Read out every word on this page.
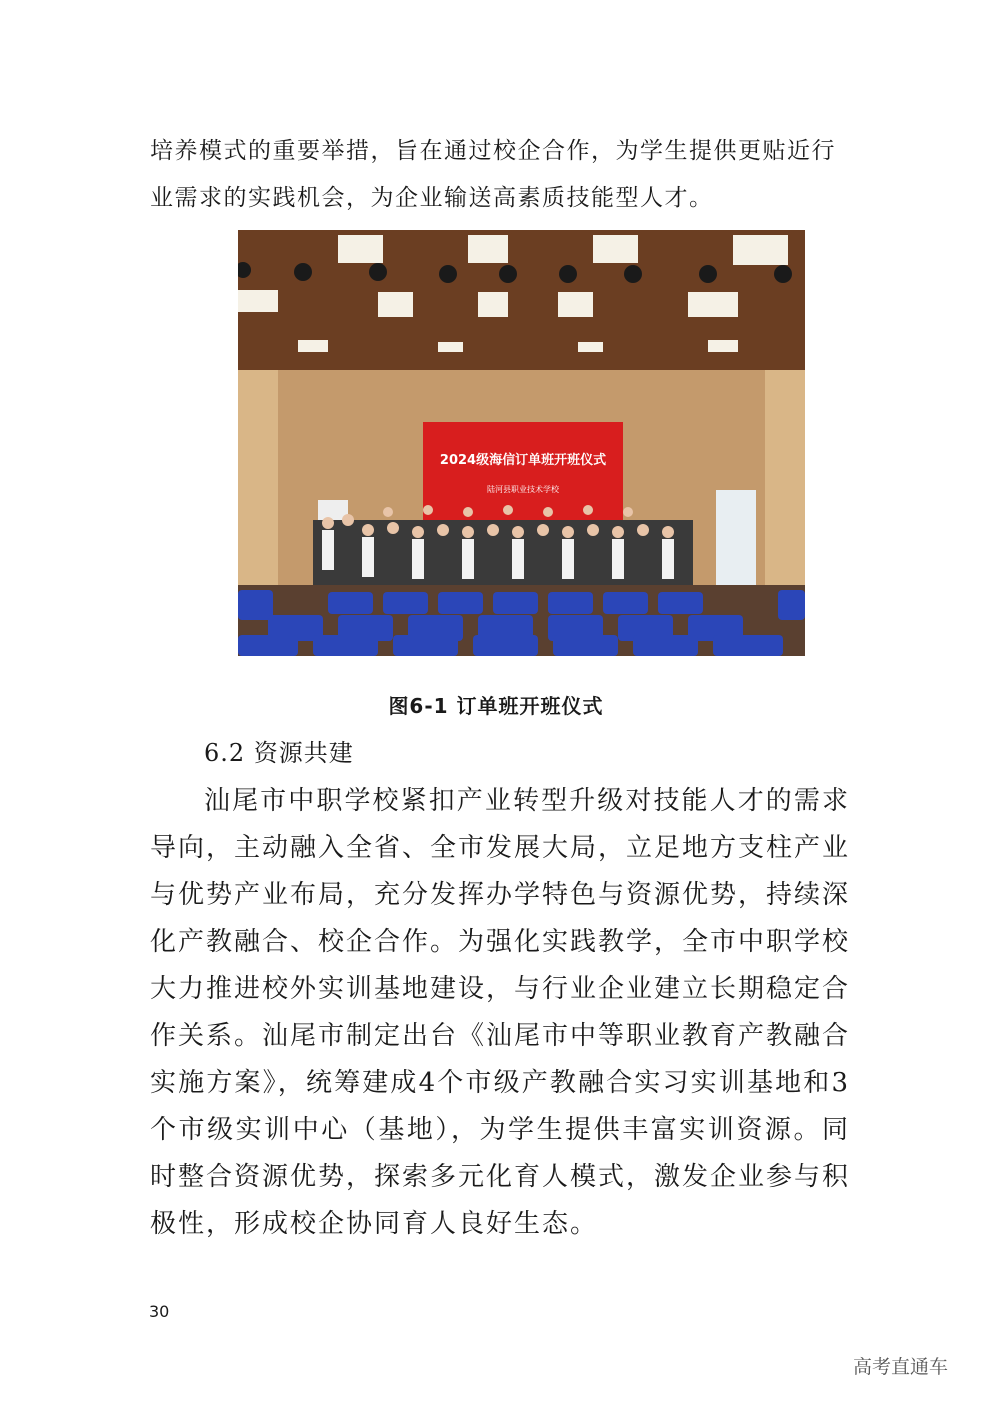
培养模式的重要举措，旨在通过校企合作，为学生提供更贴近行业需求的实践机会，为企业输送高素质技能型人才。

2024级海信订单班开班仪式
陆河县职业技术学校
图6-1 订单班开班仪式
6.2 资源共建

汕尾市中职学校紧扣产业转型升级对技能人才的需求导向，主动融入全省、全市发展大局，立足地方支柱产业与优势产业布局，充分发挥办学特色与资源优势，持续深化产教融合、校企合作。为强化实践教学，全市中职学校大力推进校外实训基地建设，与行业企业建立长期稳定合作关系。汕尾市制定出台《汕尾市中等职业教育产教融合实施方案》，统筹建成4个市级产教融合实习实训基地和3个市级实训中心（基地），为学生提供丰富实训资源。同时整合资源优势，探索多元化育人模式，激发企业参与积极性，形成校企协同育人良好生态。

30
高考直通车
